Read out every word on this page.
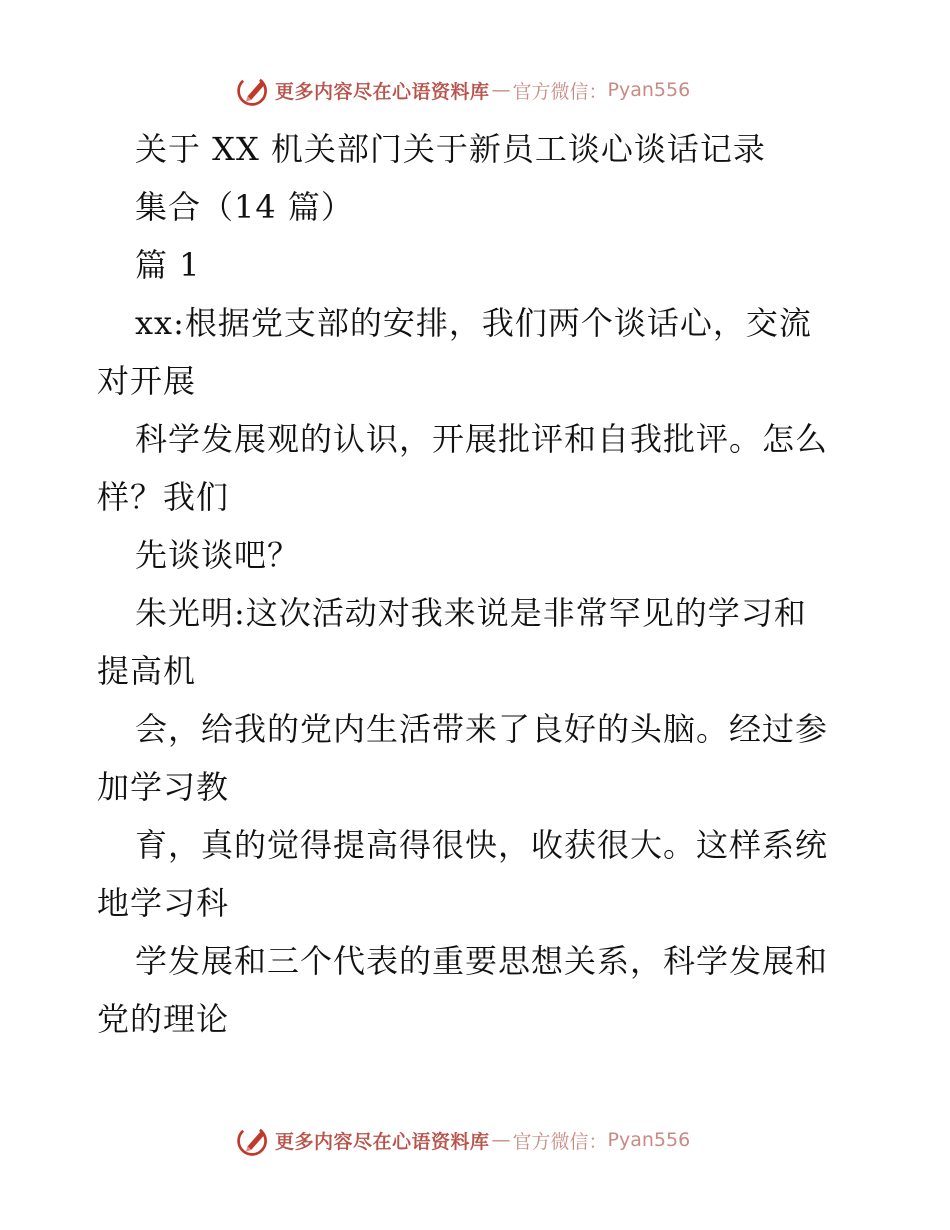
更多内容尽在心语资料库 — 官方微信： Pyan556
关于 XX 机关部门关于新员工谈心谈话记录
集合（14 篇）
篇 1
xx:根据党支部的安排，我们两个谈话心，交流
对开展
科学发展观的认识，开展批评和自我批评。怎么
样？我们
先谈谈吧？
朱光明:这次活动对我来说是非常罕见的学习和
提高机
会，给我的党内生活带来了良好的头脑。经过参
加学习教
育，真的觉得提高得很快，收获很大。这样系统
地学习科
学发展和三个代表的重要思想关系，科学发展和
党的理论
更多内容尽在心语资料库 — 官方微信： Pyan556
